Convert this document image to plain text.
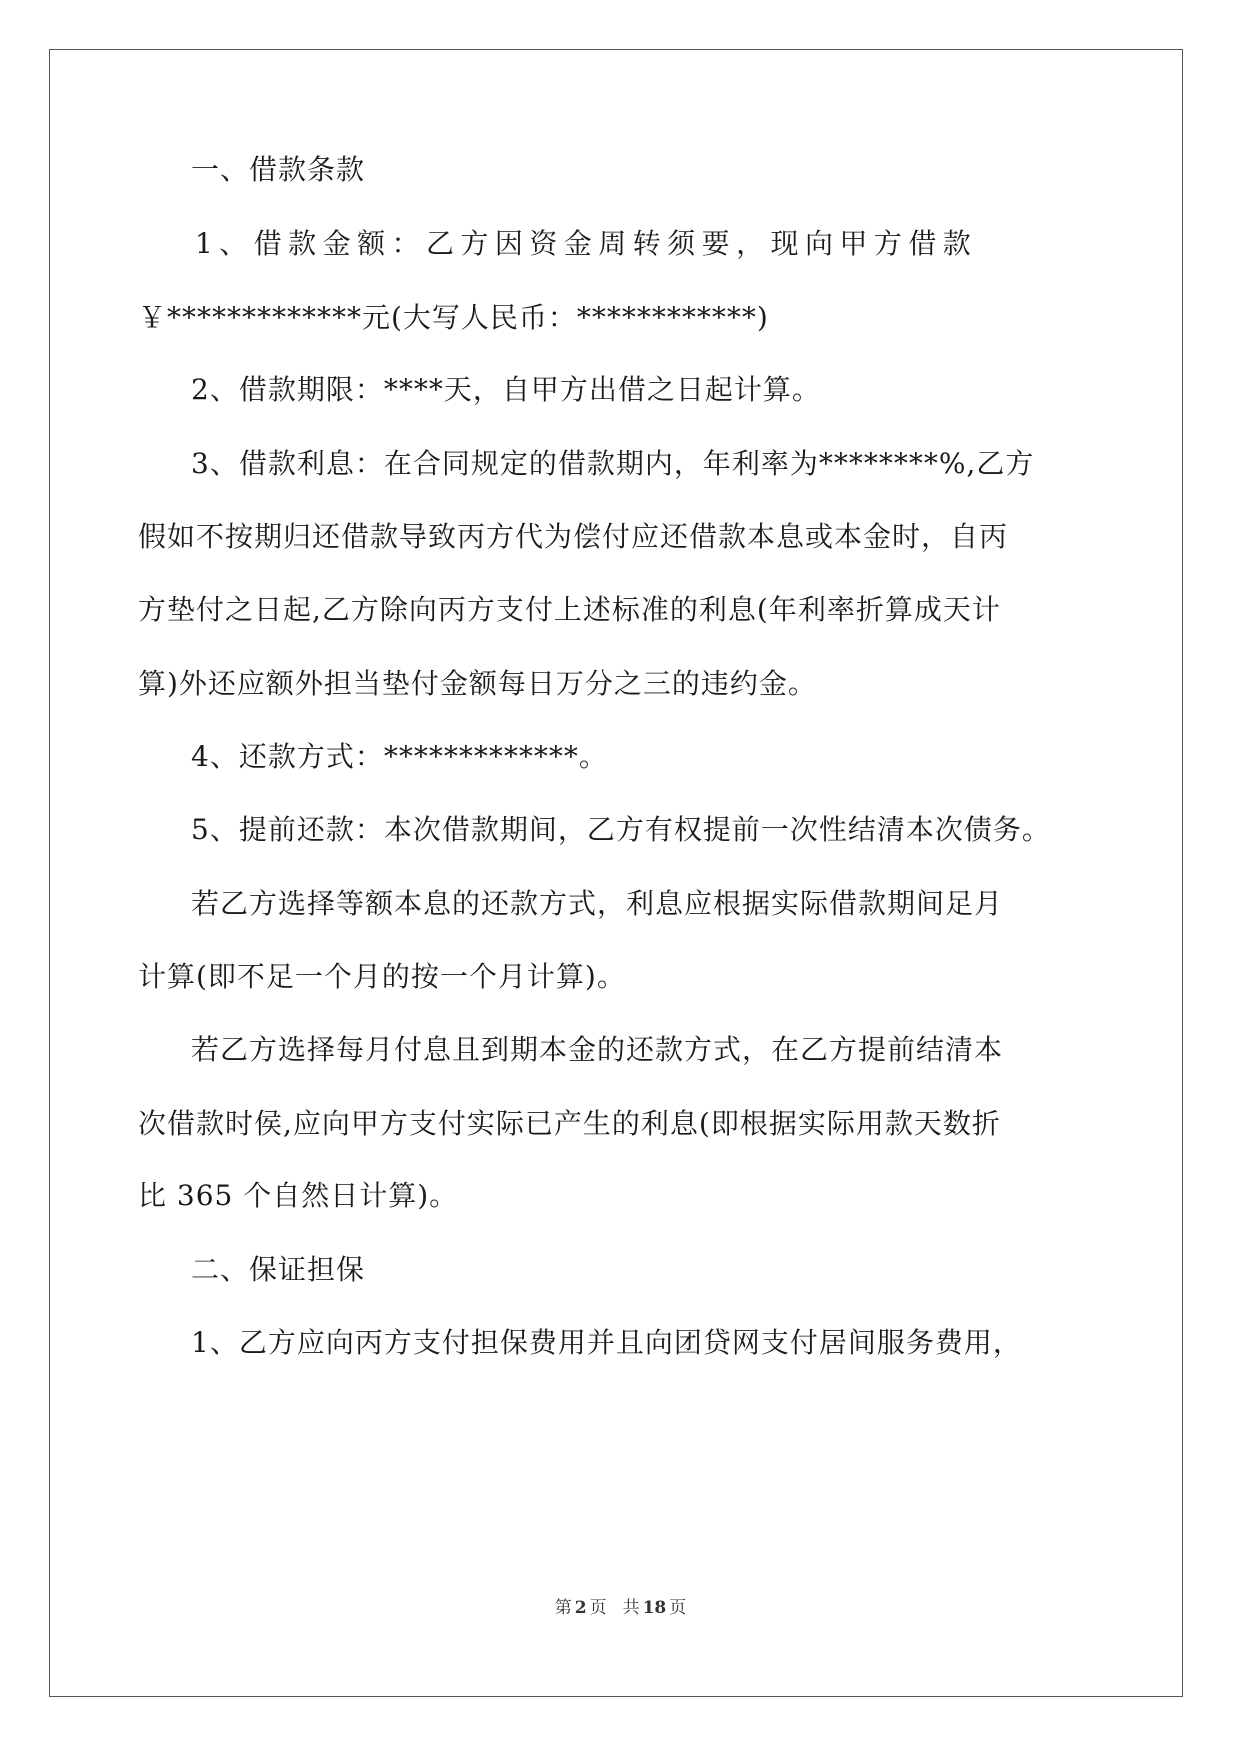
一、借款条款
1 、 借 款 金 额 ： 乙 方 因 资 金 周 转 须 要 ， 现 向 甲 方 借 款
￥*************元(大写人民币：************)
2、借款期限：****天，自甲方出借之日起计算。
3、借款利息：在合同规定的借款期内，年利率为********%,乙方
假如不按期归还借款导致丙方代为偿付应还借款本息或本金时，自丙
方垫付之日起,乙方除向丙方支付上述标准的利息(年利率折算成天计
算)外还应额外担当垫付金额每日万分之三的违约金。
4、还款方式：*************。
5、提前还款：本次借款期间，乙方有权提前一次性结清本次债务。
若乙方选择等额本息的还款方式，利息应根据实际借款期间足月
计算(即不足一个月的按一个月计算)。
若乙方选择每月付息且到期本金的还款方式，在乙方提前结清本
次借款时侯,应向甲方支付实际已产生的利息(即根据实际用款天数折
比 365 个自然日计算)。
二、保证担保
1、乙方应向丙方支付担保费用并且向团贷网支付居间服务费用，
第 2 页 共 18 页
